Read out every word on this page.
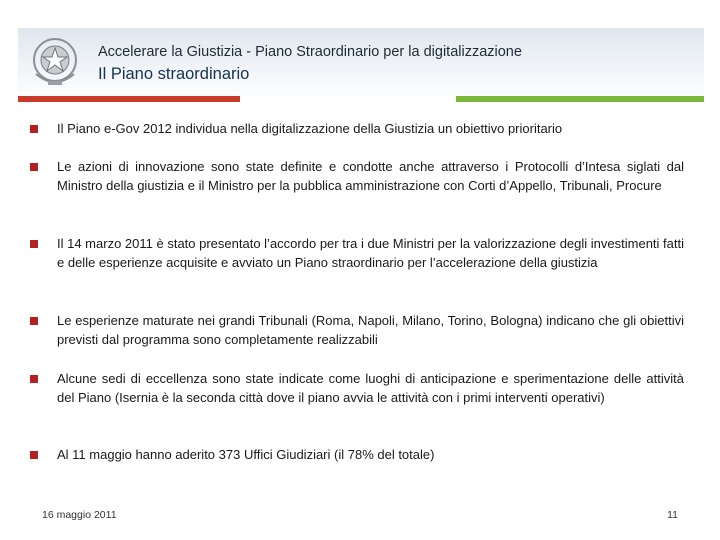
Accelerare la Giustizia - Piano Straordinario per la digitalizzazione
Il Piano straordinario
Il Piano e-Gov 2012 individua nella digitalizzazione della Giustizia un obiettivo prioritario
Le azioni di innovazione sono state definite e condotte anche attraverso i Protocolli d’Intesa siglati dal Ministro della giustizia e il Ministro per la pubblica amministrazione con Corti d’Appello, Tribunali, Procure
Il 14 marzo 2011 è stato presentato l’accordo per tra i due Ministri per la valorizzazione degli investimenti fatti e delle esperienze acquisite e avviato un Piano straordinario per l’accelerazione della giustizia
Le esperienze maturate nei grandi Tribunali (Roma, Napoli, Milano, Torino, Bologna) indicano che gli obiettivi previsti dal programma sono completamente realizzabili
Alcune sedi di eccellenza sono state indicate come luoghi di anticipazione e sperimentazione delle attività del Piano (Isernia è la seconda città dove il piano avvia le attività con i primi interventi operativi)
Al 11 maggio hanno aderito 373 Uffici Giudiziari (il 78% del totale)
16 maggio 2011	11
